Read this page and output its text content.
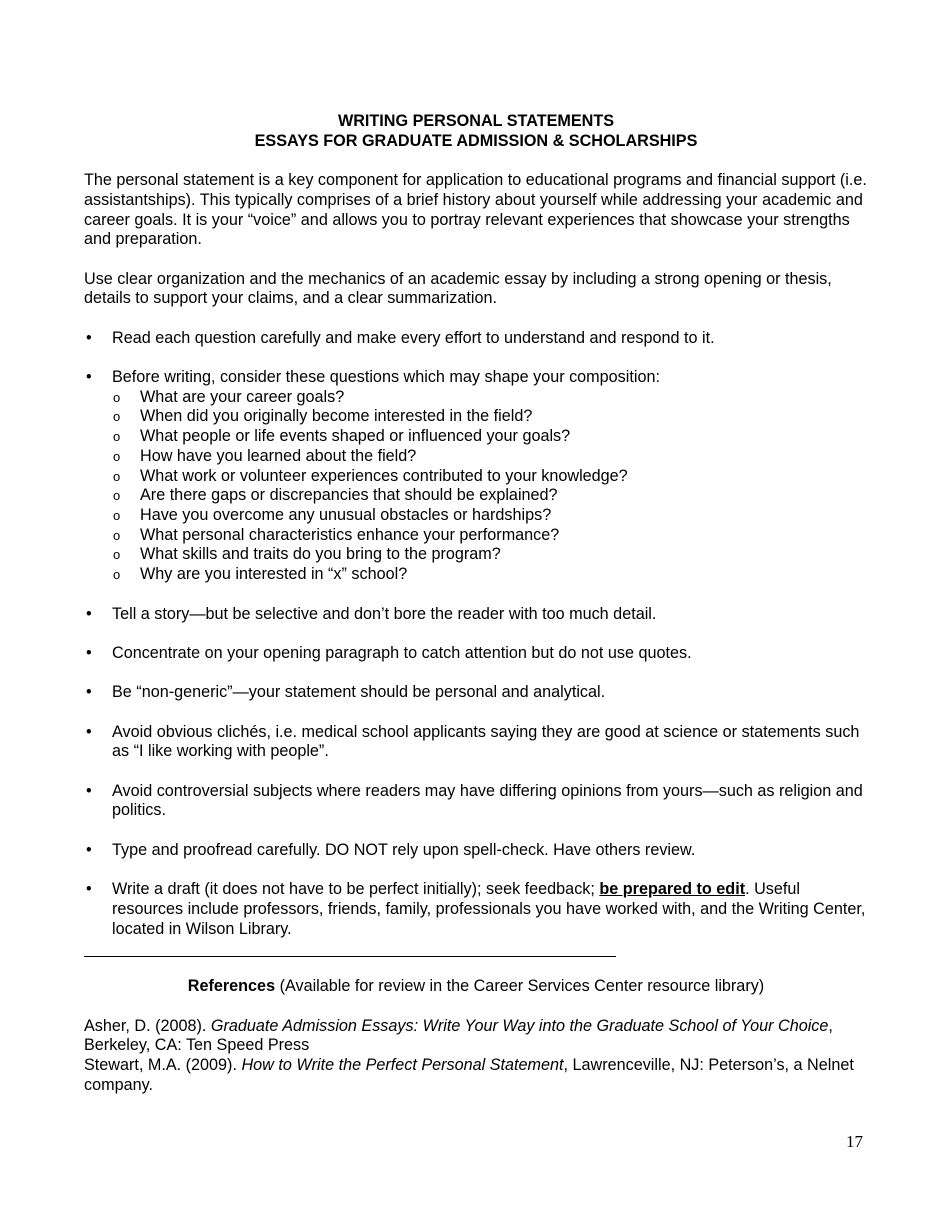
WRITING PERSONAL STATEMENTS

ESSAYS FOR GRADUATE ADMISSION & SCHOLARSHIPS

The personal statement is a key component for application to educational programs and financial support (i.e. assistantships). This typically comprises of a brief history about yourself while addressing your academic and career goals. It is your “voice” and allows you to portray relevant experiences that showcase your strengths and preparation.

Use clear organization and the mechanics of an academic essay by including a strong opening or thesis, details to support your claims, and a clear summarization.

• Read each question carefully and make every effort to understand and respond to it.
• Before writing, consider these questions which may shape your composition:
o What are your career goals?
o When did you originally become interested in the field?
o What people or life events shaped or influenced your goals?
o How have you learned about the field?
o What work or volunteer experiences contributed to your knowledge?
o Are there gaps or discrepancies that should be explained?
o Have you overcome any unusual obstacles or hardships?
o What personal characteristics enhance your performance?
o What skills and traits do you bring to the program?
o Why are you interested in “x” school?
• Tell a story—but be selective and don’t bore the reader with too much detail.
• Concentrate on your opening paragraph to catch attention but do not use quotes.
• Be “non-generic”—your statement should be personal and analytical.
• Avoid obvious clichés, i.e. medical school applicants saying they are good at science or statements such as “I like working with people”.
• Avoid controversial subjects where readers may have differing opinions from yours—such as religion and politics.
• Type and proofread carefully. DO NOT rely upon spell-check. Have others review.
• Write a draft (it does not have to be perfect initially); seek feedback; be prepared to edit. Useful resources include professors, friends, family, professionals you have worked with, and the Writing Center, located in Wilson Library.

References (Available for review in the Career Services Center resource library)

Asher, D. (2008). Graduate Admission Essays: Write Your Way into the Graduate School of Your Choice, Berkeley, CA: Ten Speed Press

Stewart, M.A. (2009). How to Write the Perfect Personal Statement, Lawrenceville, NJ: Peterson’s, a Nelnet company.

17
